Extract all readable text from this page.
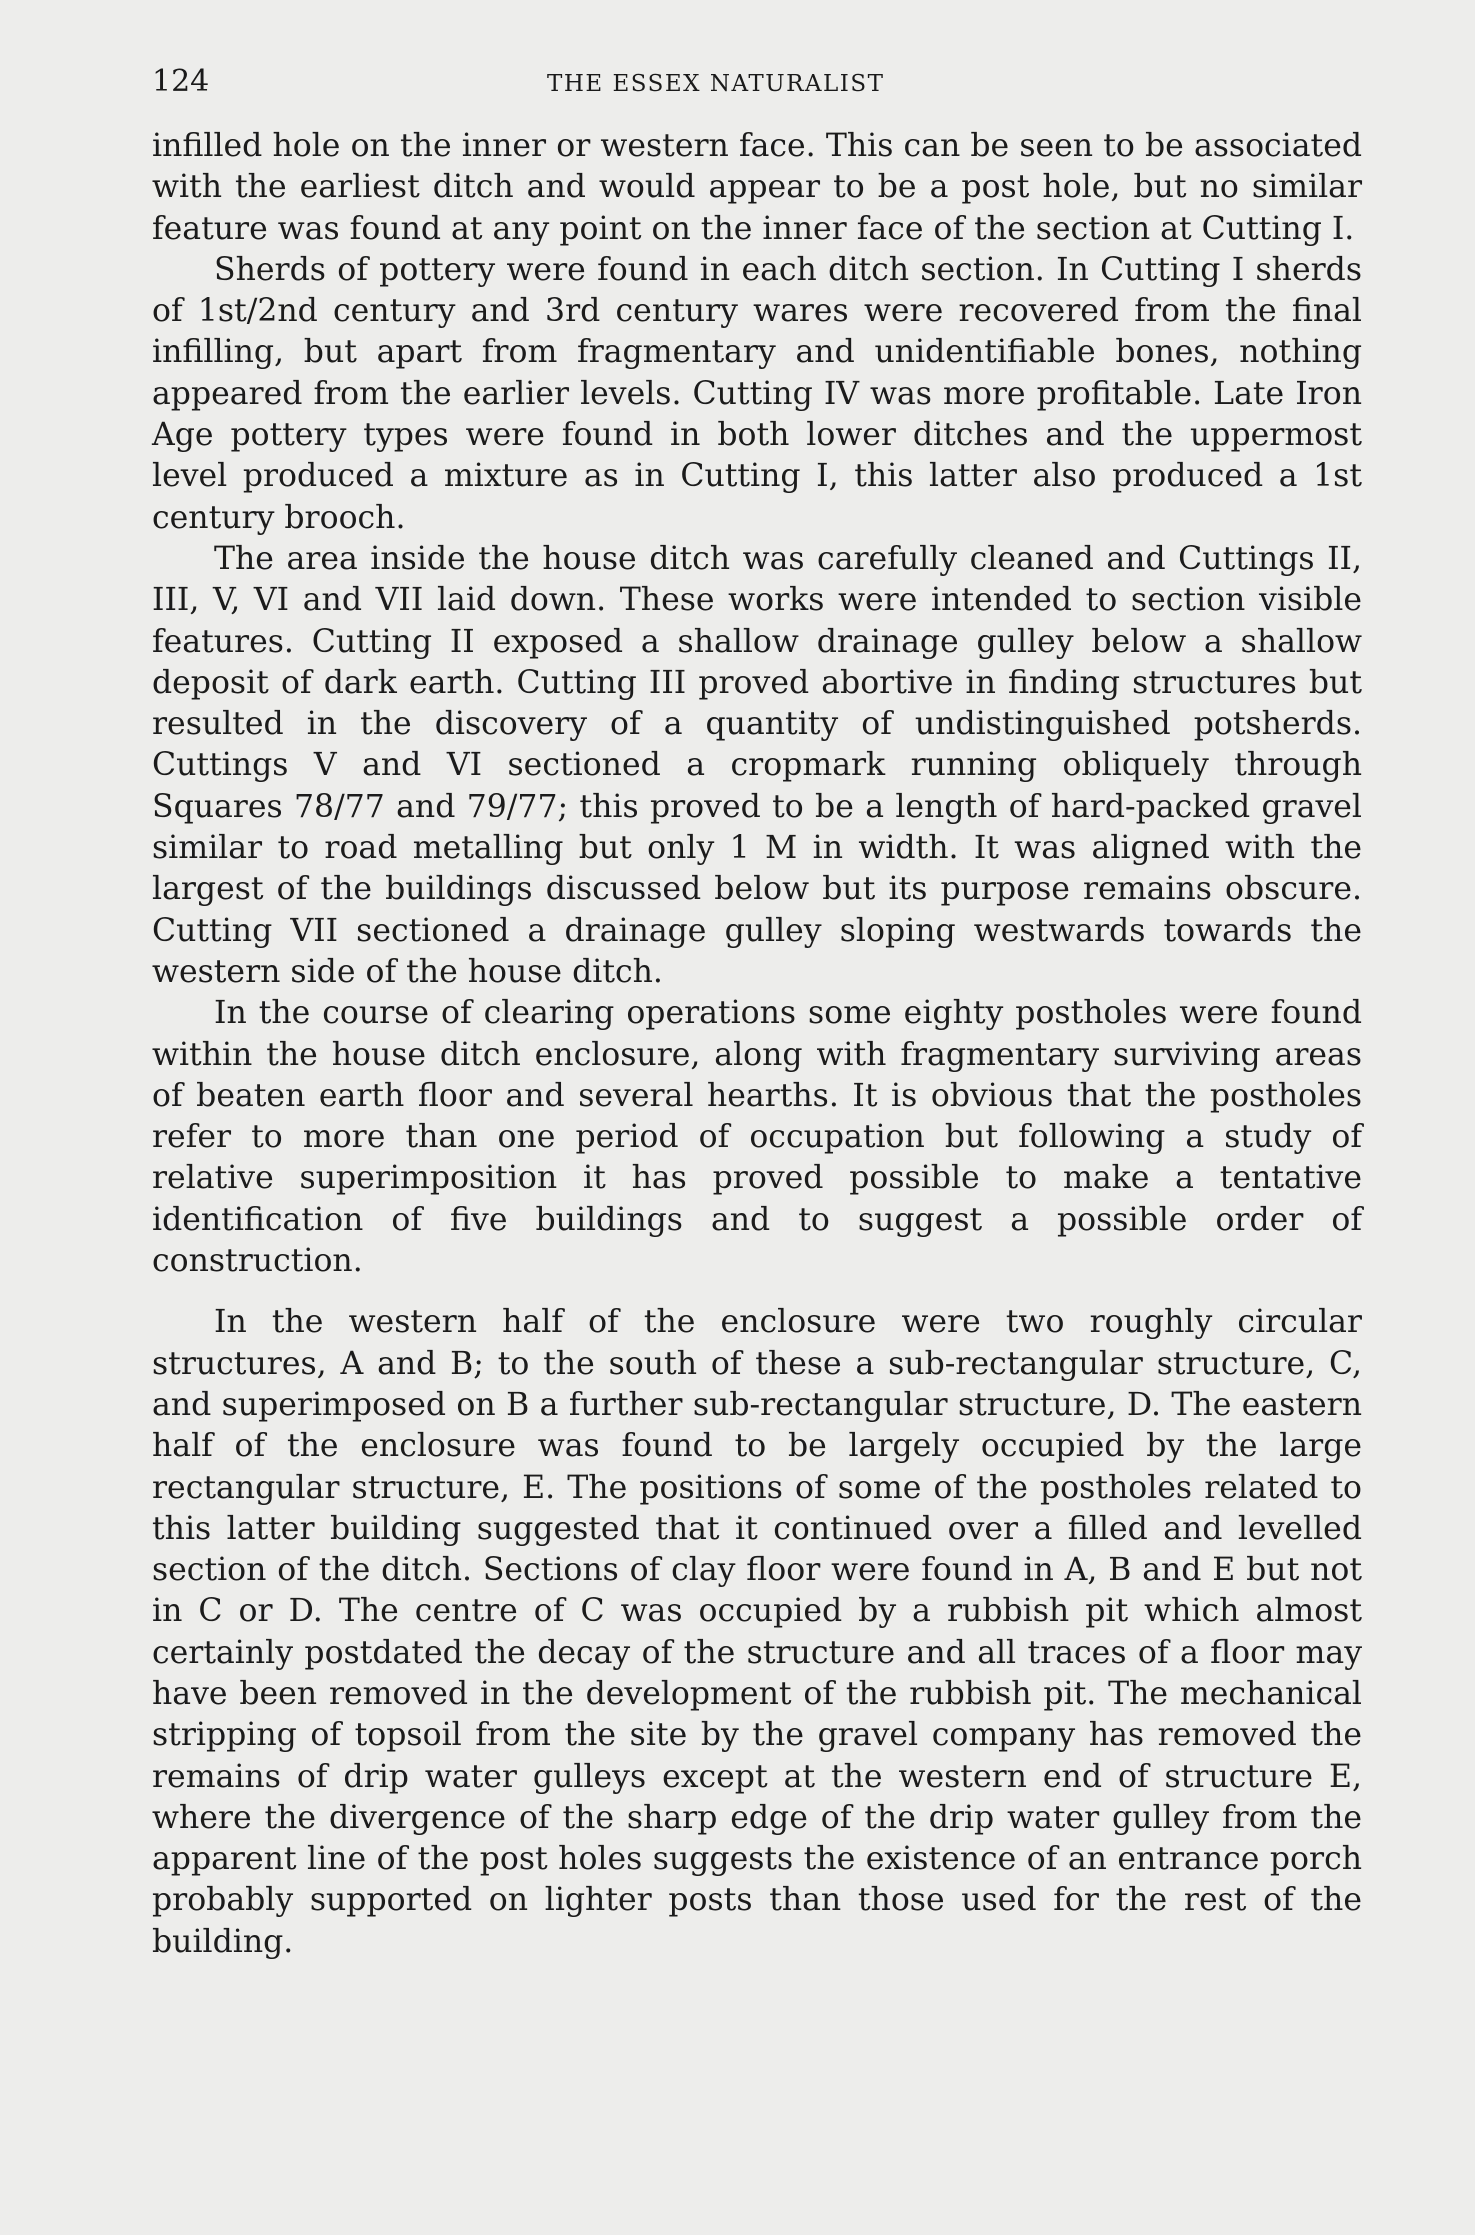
124	THE ESSEX NATURALIST

infilled hole on the inner or western face. This can be seen to be associated with the earliest ditch and would appear to be a post hole, but no similar feature was found at any point on the inner face of the section at Cutting I.

Sherds of pottery were found in each ditch section. In Cutting I sherds of 1st/2nd century and 3rd century wares were recovered from the final infilling, but apart from fragmentary and unidentifiable bones, nothing appeared from the earlier levels. Cutting IV was more profitable. Late Iron Age pottery types were found in both lower ditches and the uppermost level produced a mixture as in Cutting I, this latter also produced a 1st century brooch.

The area inside the house ditch was carefully cleaned and Cuttings II, III, V, VI and VII laid down. These works were intended to section visible features. Cutting II exposed a shallow drainage gulley below a shallow deposit of dark earth. Cutting III proved abortive in finding structures but resulted in the discovery of a quantity of undistinguished potsherds. Cuttings V and VI sectioned a cropmark running obliquely through Squares 78/77 and 79/77; this proved to be a length of hard-packed gravel similar to road metalling but only 1 M in width. It was aligned with the largest of the buildings discussed below but its purpose remains obscure. Cutting VII sectioned a drainage gulley sloping westwards towards the western side of the house ditch.

In the course of clearing operations some eighty postholes were found within the house ditch enclosure, along with fragmentary surviving areas of beaten earth floor and several hearths. It is obvious that the postholes refer to more than one period of occupation but following a study of relative superimposition it has proved possible to make a tentative identification of five buildings and to suggest a possible order of construction.

In the western half of the enclosure were two roughly circular structures, A and B; to the south of these a sub-rectangular structure, C, and superimposed on B a further sub-rectangular structure, D. The eastern half of the enclosure was found to be largely occupied by the large rectangular structure, E. The positions of some of the postholes related to this latter building suggested that it continued over a filled and levelled section of the ditch. Sections of clay floor were found in A, B and E but not in C or D. The centre of C was occupied by a rubbish pit which almost certainly postdated the decay of the structure and all traces of a floor may have been removed in the development of the rubbish pit. The mechanical stripping of topsoil from the site by the gravel company has removed the remains of drip water gulleys except at the western end of structure E, where the divergence of the sharp edge of the drip water gulley from the apparent line of the post holes suggests the existence of an entrance porch probably supported on lighter posts than those used for the rest of the building.
